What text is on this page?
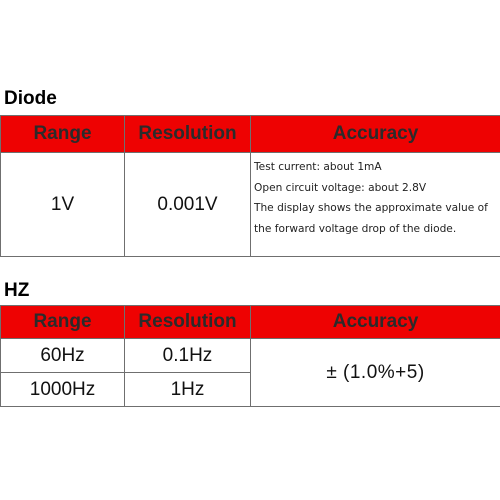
Diode
Range	Resolution	Accuracy
1V	0.001V	Test current: about 1mA
Open circuit voltage: about 2.8V
The display shows the approximate value of
the forward voltage drop of the diode.
HZ
Range	Resolution	Accuracy
60Hz	0.1Hz	± (1.0%+5)
1000Hz	1Hz	
